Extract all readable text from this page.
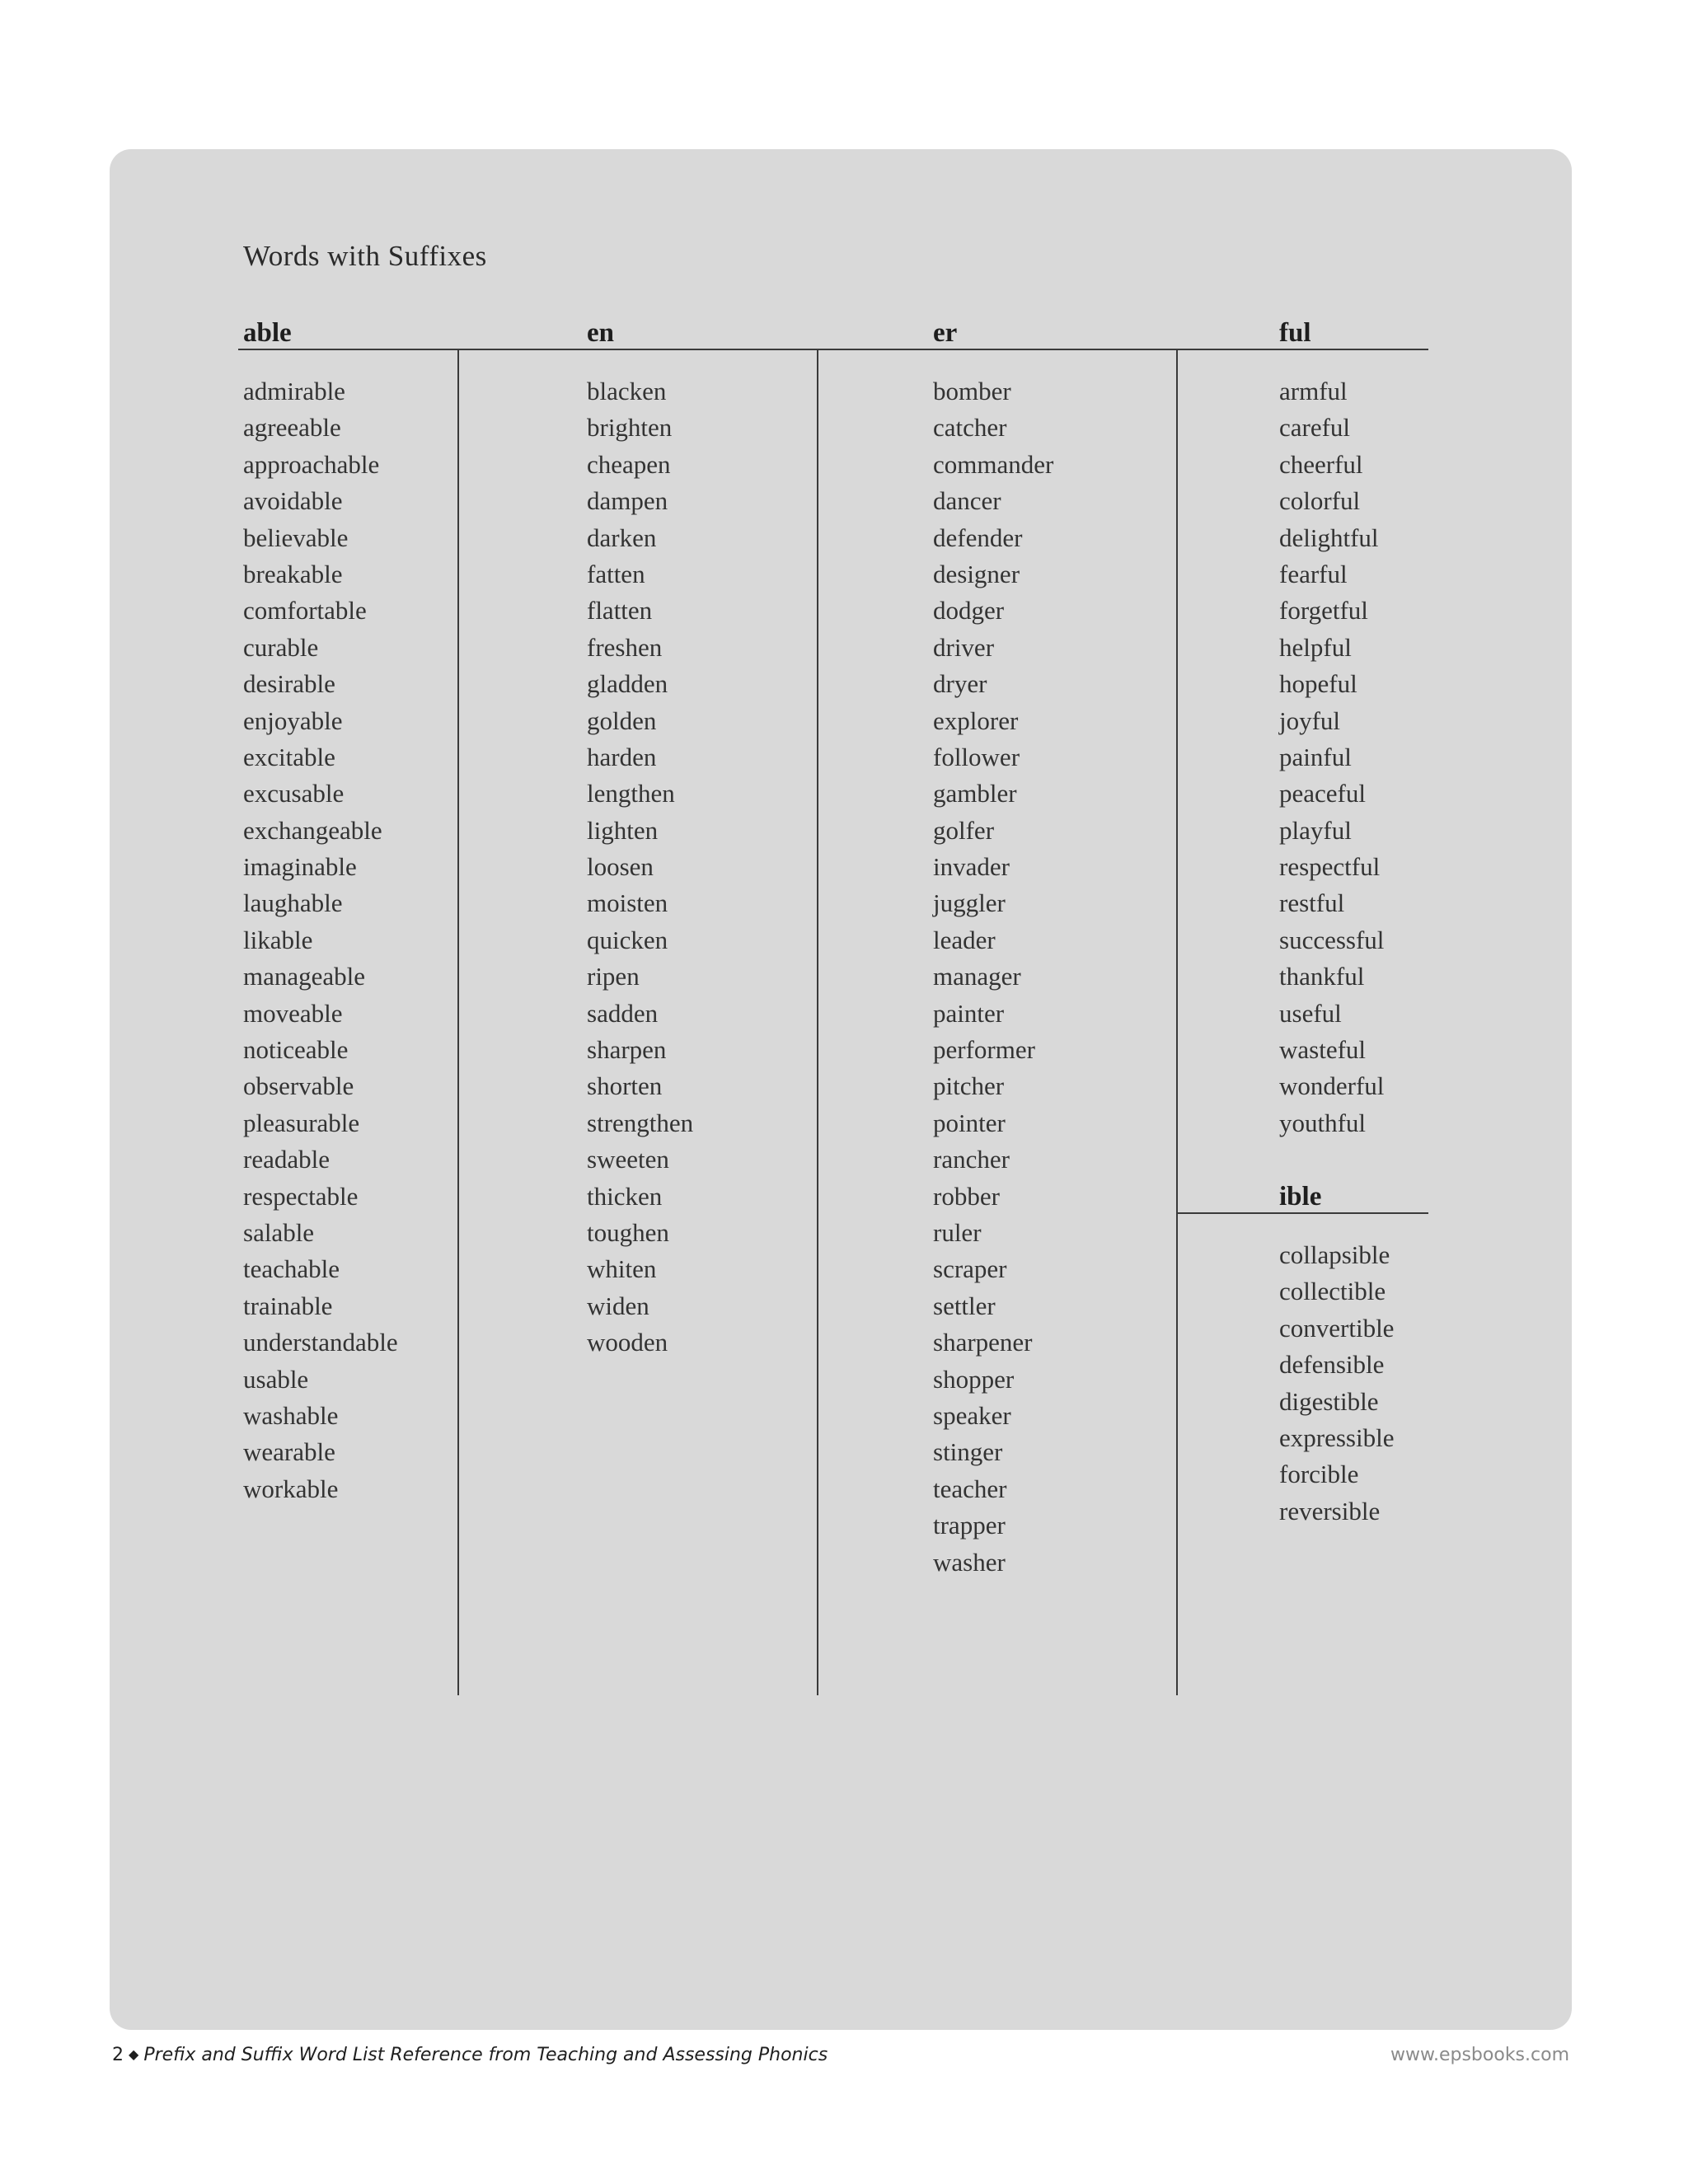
Words with Suffixes
able
admirable
agreeable
approachable
avoidable
believable
breakable
comfortable
curable
desirable
enjoyable
excitable
excusable
exchangeable
imaginable
laughable
likable
manageable
moveable
noticeable
observable
pleasurable
readable
respectable
salable
teachable
trainable
understandable
usable
washable
wearable
workable
en
blacken
brighten
cheapen
dampen
darken
fatten
flatten
freshen
gladden
golden
harden
lengthen
lighten
loosen
moisten
quicken
ripen
sadden
sharpen
shorten
strengthen
sweeten
thicken
toughen
whiten
widen
wooden
er
bomber
catcher
commander
dancer
defender
designer
dodger
driver
dryer
explorer
follower
gambler
golfer
invader
juggler
leader
manager
painter
performer
pitcher
pointer
rancher
robber
ruler
scraper
settler
sharpener
shopper
speaker
stinger
teacher
trapper
washer
ful
armful
careful
cheerful
colorful
delightful
fearful
forgetful
helpful
hopeful
joyful
painful
peaceful
playful
respectful
restful
successful
thankful
useful
wasteful
wonderful
youthful
ible
collapsible
collectible
convertible
defensible
digestible
expressible
forcible
reversible
2 ◆ Prefix and Suffix Word List Reference from Teaching and Assessing Phonics	www.epsbooks.com
